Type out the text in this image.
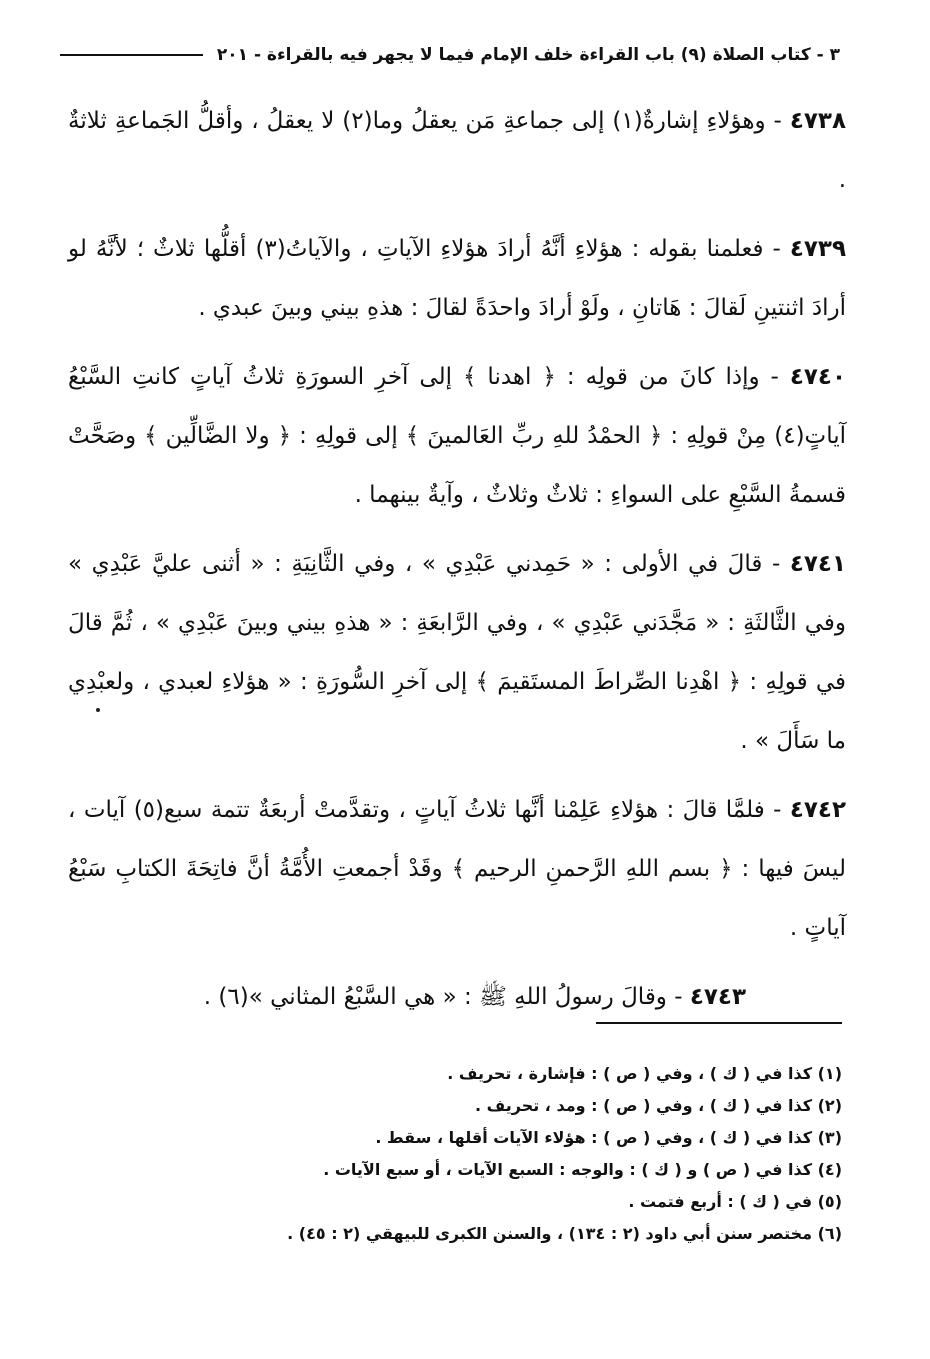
٣ - كتاب الصلاة (٩) باب القراءة خلف الإمام فيما لا يجهر فيه بالقراءة - ٢٠١

٤٧٣٨ - وهؤلاءِ إشارةٌ(١) إلى جماعةِ مَن يعقلُ وما(٢) لا يعقلُ ، وأقلُّ الجَماعةِ ثلاثةٌ .

٤٧٣٩ - فعلمنا بقوله : هؤلاءِ أنَّهُ أرادَ هؤلاءِ الآياتِ ، والآياتُ(٣) أقلُّها ثلاثٌ ؛ لأنَّهُ لو أرادَ اثنتينِ لَقالَ : هَاتانِ ، ولَوْ أرادَ واحدَةً لقالَ : هذهِ بيني وبينَ عبدي .

٤٧٤٠ - وإذا كانَ من قولِه : ﴿ اهدنا ﴾ إلى آخرِ السورَةِ ثلاثُ آياتٍ كانتِ السَّبْعُ آياتٍ(٤) مِنْ قولِهِ : ﴿ الحمْدُ للهِ ربِّ العَالمينَ ﴾ إلى قولِهِ : ﴿ ولا الضَّالِّين ﴾ وصَحَّتْ قسمةُ السَّبْعِ على السواءِ : ثلاثٌ وثلاثٌ ، وآيةٌ بينهما .

٤٧٤١ - قالَ في الأولى : « حَمِدني عَبْدِي » ، وفي الثَّانِيَةِ : « أثنى عليَّ عَبْدِي » وفي الثَّالثَةِ : « مَجَّدَني عَبْدِي » ، وفي الرَّابعَةِ : « هذهِ بيني وبينَ عَبْدِي » ، ثُمَّ قالَ في قولِهِ : ﴿ اهْدِنا الصِّراطَ المستَقيمَ ﴾ إلى آخرِ السُّورَةِ : « هؤلاءِ لعبدي ، ولعبْدِي ما سَأَلَ » .

٤٧٤٢ - فلمَّا قالَ : هؤلاءِ عَلِمْنا أنَّها ثلاثُ آياتٍ ، وتقدَّمتْ أربعَةٌ تتمة سبع(٥) آيات ، ليسَ فيها : ﴿ بسم اللهِ الرَّحمنِ الرحيم ﴾ وقَدْ أجمعتِ الأُمَّةُ أنَّ فاتِحَةَ الكتابِ سَبْعُ آياتٍ .

٤٧٤٣ - وقالَ رسولُ اللهِ ﷺ : « هي السَّبْعُ المثاني »(٦) .

(١) كذا في ( ك ) ، وفي ( ص ) : فإشارة ، تحريف .

(٢) كذا في ( ك ) ، وفي ( ص ) : ومد ، تحريف .

(٣) كذا في ( ك ) ، وفي ( ص ) : هؤلاء الآيات أقلها ، سقط .

(٤) كذا في ( ص ) و ( ك ) : والوجه : السبع الآيات ، أو سبع الآيات .

(٥) في ( ك ) : أربع فتمت .

(٦) مختصر سنن أبي داود (٢ : ١٣٤) ، والسنن الكبرى للبيهقي (٢ : ٤٥) .
